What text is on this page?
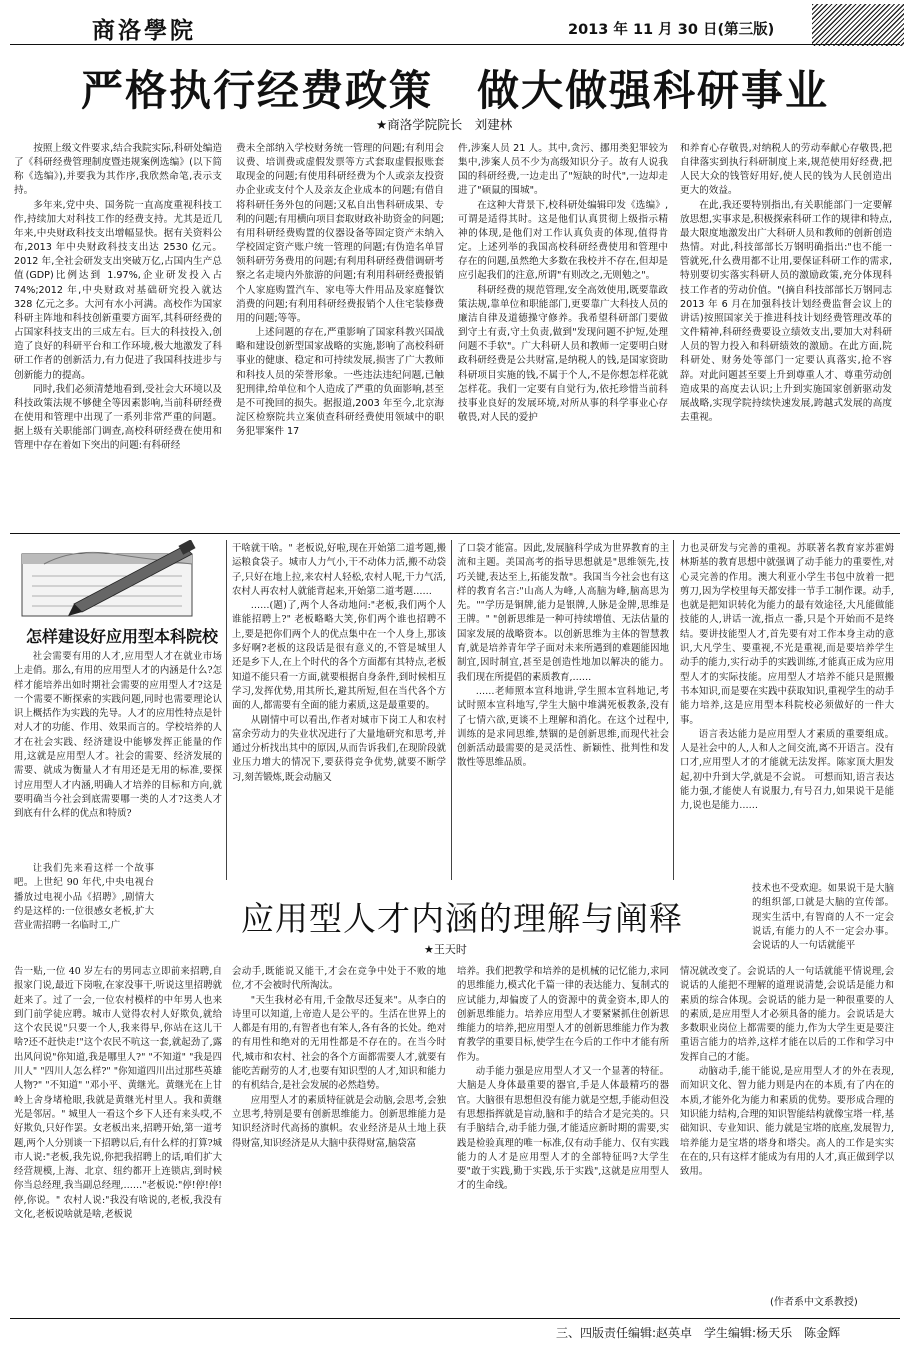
商洛學院	2013 年 11 月 30 日(第三版)
严格执行经费政策　做大做强科研事业
★商洛学院院长　刘建林

按照上级文件要求,结合我院实际,科研处编造了《科研经费管理制度暨违规案例选编》(以下简称《选编》),并要我为其作序,我欣然命笔,表示支持。

多年来,党中央、国务院一直高度重视科技工作,持续加大对科技工作的经费支持。尤其是近几年来,中央财政科技支出增幅显快。据有关资料公布,2013 年中央财政科技支出达 2530 亿元。2012 年,全社会研发支出突破万亿,占国内生产总值(GDP)比例达到 1.97%,企业研发投入占 74%;2012 年,中央财政对基础研究投入就达 328 亿元之多。大河有水小河满。高校作为国家科研主阵地和科技创新重要方面军,其科研经费的占国家科技支出的三成左右。巨大的科技投入,创造了良好的科研平台和工作环境,极大地激发了科研工作者的创新活力,有力促进了我国科技进步与创新能力的提高。

同时,我们必须清楚地看到,受社会大环境以及科技政策法规不够健全等因素影响,当前科研经费在使用和管理中出现了一系列非常严重的问题。据上级有关职能部门调查,高校科研经费在使用和管理中存在着如下突出的问题:有科研经

费未全部纳入学校财务统一管理的问题;有利用会议费、培训费或虚假发票等方式套取虚假报账套取现金的问题;有使用科研经费为个人或亲友投资办企业或支付个人及亲友企业成本的问题;有借自将科研任务外包的问题;又私自出售科研成果、专利的问题;有用横向项目套取财政补助资金的问题;有用科研经费购置的仪器设备等固定资产未纳入学校固定资产账户统一管理的问题;有伪造名单冒领科研劳务费用的问题;有利用科研经费借调研考察之名走境内外旅游的问题;有利用科研经费报销个人家庭购置汽车、家电等大件用品及家庭餐饮消费的问题;有利用科研经费报销个人住宅装修费用的问题;等等。

上述问题的存在,严重影响了国家科教兴国战略和建设创新型国家战略的实施,影响了高校科研事业的健康、稳定和可持续发展,损害了广大教师和科技人员的荣誉形象。一些违法违纪问题,已触犯刑律,给单位和个人造成了严重的负面影响,甚至是不可挽回的损失。据报道,2003 年至今,北京海淀区检察院共立案侦查科研经费使用领域中的职务犯罪案件 17

件,涉案人员 21 人。其中,贪污、挪用类犯罪较为集中,涉案人员不少为高级知识分子。故有人说我国的科研经费,一边走出了"短缺的时代",一边却走进了"硕鼠的围城"。

在这种大背景下,校科研处编辑印发《选编》,可谓是适得其时。这是他们认真贯彻上级指示精神的体现,是他们对工作认真负责的体现,值得肯定。上述列举的我国高校科研经费使用和管理中存在的问题,虽然绝大多数在我校并不存在,但却是应引起我们的注意,所谓"有则改之,无则勉之"。

科研经费的规范管理,安全高效使用,既要靠政策法规,靠单位和职能部门,更要靠广大科技人员的廉洁自律及道德操守修养。我希望科研部门要做到守土有责,守土负责,做到"发现问题不护短,处理问题不手软"。广大科研人员和教师一定要明白财政科研经费是公共财富,是纳税人的钱,是国家资助科研项目实施的钱,不属于个人,不是你想怎样花就怎样花。我们一定要有自觉行为,依托珍惜当前科技事业良好的发展环境,对所从事的科学事业心存敬畏,对人民的爱护

和养育心存敬畏,对纳税人的劳动奉献心存敬畏,把自律落实到执行科研制度上来,规范使用好经费,把人民大众的钱管好用好,使人民的钱为人民创造出更大的效益。

在此,我还要特别指出,有关职能部门一定要解放思想,实事求是,积极探索科研工作的规律和特点,最大限度地激发出广大科研人员和教师的创新创造热情。对此,科技部部长万钢明确指出:"也不能一管就死,什么费用都不让用,要保证科研工作的需求,特别要切实落实科研人员的激励政策,充分体现科技工作者的劳动价值。"(摘自科技部部长万钢同志 2013 年 6 月在加强科技计划经费监督会议上的讲话)按照国家关于推进科技计划经费管理改革的文件精神,科研经费要设立绩效支出,要加大对科研人员的智力投入和科研绩效的激励。在此方面,院科研处、财务处等部门一定要认真落实,抢不容辞。对此问题甚至要上升到尊重人才、尊重劳动创造成果的高度去认识;上升到实施国家创新驱动发展战略,实现学院持续快速发展,跨越式发展的高度去重视。

怎样建设好应用型本科院校

社会需要有用的人才,应用型人才在就业市场上走俏。那么,有用的应用型人才的内涵是什么?怎样才能培养出如时期社会需要的应用型人才?这是一个需要不断探索的实践问题,同时也需要理论认识上概括作为实践的先导。人才的应用性特点是针对人才的功能、作用、效果而言的。学校培养的人才在社会实践、经济建设中能够发挥正能量的作用,这就是应用型人才。社会的需要、经济发展的需要、就成为衡量人才有用还是无用的标准,要探讨应用型人才内涵,明确人才培养的目标和方向,就要明确当今社会到底需要哪一类的人才?这类人才到底有什么样的优点和特质?

让我们先来看这样一个故事吧。上世纪 90 年代,中央电视台播放过电视小品《招聘》,剧情大约是这样的:一位很感女老板,扩大营业需招聘一名临时工,广

告一贴,一位 40 岁左右的男同志立即前来招聘,自报家门说,最近下岗啦,在家没事干,听说这里招聘就赶来了。过了一会,一位农村模样的中年男人也来到门前学徒应聘。城市人觉得农村人好欺负,就给这个农民说"只要一个人,我来得早,你站在这儿干啥?还不赶快走!"这个农民不吭这一套,就起劲了,露出风问说"你知道,我是哪里人?" "不知道" "我是四川人" "四川人怎么样?" "你知道四川出过那些英雄人物?" "不知道" "邓小平、黄继光。黄继光在上甘岭上舍身堵枪眼,我就是黄继光村里人。我和黄继光是邻居。" 城里人一看这个乡下人还有来头哎,不好欺负,只好作罢。女老板出来,招聘开始,第一道考题,两个人分别谈一下招聘以后,有什么样的打算?城市人说:"老板,我先说,你把我招聘上的话,咱们扩大经营规模,上海、北京、纽约都开上连锁店,到时候你当总经理,我当副总经理,……"老板说:"停!停!停!停,你说。" 农村人说:"我没有啥说的,老板,我没有文化,老板说啥就是啥,老板说

干啥就干啥。" 老板说,好啦,现在开始第二道考题,搬运粮食袋子。城市人力气小,干不动体力活,搬不动袋子,只好在地上拉,来农村人轻松,农村人呢,干力气活,农村人再农村人就能背起来,开始第二道考题……

……(题)了,两个人各动地问:"老板,我们两个人谁能招聘上?" 老板略略大笑,你们两个谁也招聘不上,要是把你们两个人的优点集中在一个人身上,那该多好啊?老板的这段话是很有意义的,不管是城里人还是乡下人,在上个时代的各个方面都有其特点,老板知道不能只看一方面,就要根据自身条件,到时候相互学习,发挥优势,用其所长,避其所短,但在当代各个方面的人,都需要有全面的能力素质,这是最重要的。

从剧情中可以看出,作者对城市下岗工人和农村富余劳动力的失业状况进行了大量地研究和思考,并通过分析找出其中的原因,从而告诉我们,在现阶段就业压力增大的情况下,要获得竞争优势,就要不断学习,刻苦锻炼,既会动脑又

了口袋才能富。因此,发展脑科学成为世界教育的主流和主题。美国高考的指导思想就是"思维领先,技巧关键,表达至上,拓能发散"。我国当今社会也有这样的教育名言:"山高人为峰,人高脑为峰,脑高思为先。""学历是铜牌,能力是银牌,人脉是金牌,思维是王牌。" "创新思维是一种可持续增值、无法估量的国家发展的战略资本。以创新思维为主体的智慧教育,就是培养青年学子面对未来所遇到的难题能因地制宜,因时制宜,甚至是创造性地加以解决的能力。我们现在所提倡的素质教育,……

……老师照本宣科地讲,学生照本宣科地记,考试时照本宣科地写,学生大脑中堆满死板教条,没有了七情六欲,更谈不上理解和消化。在这个过程中,训练的是求同思维,禁锢的是创新思维,而现代社会创新活动最需要的是灵活性、新颖性、批判性和发散性等思维品质。

力也灵研发与完善的重视。苏联著名教育家苏霍姆林斯基的教育思想中就强调了动手能力的重要性,对心灵完善的作用。澳大利亚小学生书包中放着一把剪刀,因为学校里每天都安排一节手工制作课。动手,也就是把知识转化为能力的最有效途径,大凡能做能技能的人,讲话一流,指点一番,只是个开始而不是终结。要讲技能型人才,首先要有对工作本身主动的意识,大凡学生、要重视,不光是重视,而是要培养学生动手的能力,实行动手的实践训练,才能真正成为应用型人才的实际技能。应用型人才培养不能只是照搬书本知识,而是要在实践中获取知识,重视学生的动手能力培养,这是应用型本科院校必须做好的一件大事。

语言表达能力是应用型人才素质的重要组成。人是社会中的人,人和人之间交流,离不开语言。没有口才,应用型人才的才能就无法发挥。陈家顶大胆发起,初中升到大学,就是不会说。 可想而知,语言表达能力强,才能使人有说服力,有号召力,如果说干是能力,说也是能力……

应用型人才内涵的理解与阐释

技术也不受欢迎。如果说干是大脑的组织部,口就是大脑的宣传部。现实生活中,有智商的人不一定会说话,有能力的人不一定会办事。会说话的人一句话就能平

★王天时

会动手,既能说又能干,才会在竞争中处于不败的地位,才不会被时代所淘汰。

"天生我材必有用,千金散尽还复来"。从李白的诗里可以知道,上帝造人是公平的。生活在世界上的人都是有用的,有智者也有笨人,各有各的长处。绝对的有用性和绝对的无用性都是不存在的。在当今时代,城市和农村、社会的各个方面都需要人才,就要有能吃苦耐劳的人才,也要有知识型的人才,知识和能力的有机结合,是社会发展的必然趋势。

应用型人才的素质特征就是会动脑,会思考,会独立思考,特别是要有创新思维能力。创新思维能力是知识经济时代高扬的旗帜。农业经济是从土地上获得财富,知识经济是从大脑中获得财富,脑袋富

培养。我们把教学和培养的是机械的记忆能力,求同的思维能力,模式化千篇一律的表达能力、复制式的应试能力,却偏废了人的资源中的黄金资本,即人的创新思维能力。培养应用型人才要紧紧抓住创新思维能力的培养,把应用型人才的创新思维能力作为教育教学的重要目标,使学生在今后的工作中才能有所作为。

动手能力强是应用型人才又一个显著的特征。大脑是人身体最重要的器官,手是人体最精巧的器官。大脑很有思想但没有能力就是空想,手能动但没有思想指挥就是盲动,脑和手的结合才是完美的。只有手脑结合,动手能力强,才能适应新时期的需要,实践是检验真理的唯一标准,仅有动手能力、仅有实践能力的人才是应用型人才的全部特征吗?大学生要"敢于实践,勤于实践,乐于实践",这就是应用型人才的生命线。

情况就改变了。会说话的人一句话就能平情说理,会说话的人能把不理解的道理说清楚,会说话是能力和素质的综合体现。会说话的能力是一种很重要的人的素质,是应用型人才必须具备的能力。会说话是大多数职业岗位上都需要的能力,作为大学生更是要注重语言能力的培养,这样才能在以后的工作和学习中发挥自己的才能。

动脑动手,能干能说,是应用型人才的外在表现,而知识文化、智力能力则是内在的本质,有了内在的本质,才能外化为能力和素质的优势。要形成合理的知识能力结构,合理的知识智能结构就像宝塔一样,基础知识、专业知识、能力就是宝塔的底座,发展智力,培养能力是宝塔的塔身和塔尖。高人的工作是实实在在的,只有这样才能成为有用的人才,真正做到学以致用。

(作者系中文系教授)
三、四版责任编辑:赵英卓　学生编辑:杨天乐　陈金辉
